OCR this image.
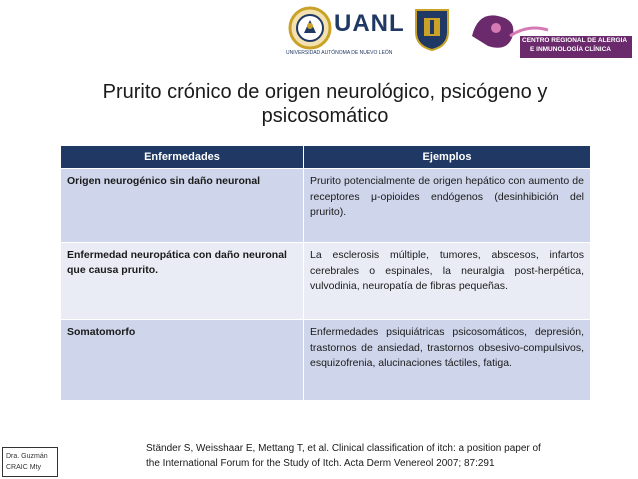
UANL
UNIVERSIDAD AUTÓNOMA DE NUEVO LEÓN
CENTRO REGIONAL DE ALERGIA
E INMUNOLOGÍA CLÍNICA
Prurito crónico de origen neurológico, psicógeno y
psicosomático
Enfermedades	Ejemplos
Origen neurogénico sin daño neuronal	Prurito potencialmente de origen hepático con aumento de receptores μ-opioides endógenos (desinhibición del prurito).
Enfermedad neuropática con daño neuronal que causa prurito.	La esclerosis múltiple, tumores, abscesos, infartos cerebrales o espinales, la neuralgia post-herpética, vulvodinia, neuropatía de fibras pequeñas.
Somatomorfo	Enfermedades psiquiátricas psicosomáticos, depresión, trastornos de ansiedad, trastornos obsesivo-compulsivos, esquizofrenia, alucinaciones táctiles, fatiga.
Dra. Guzmán
CRAIC Mty
Ständer S, Weisshaar E, Mettang T, et al. Clinical classification of itch: a position paper of
the International Forum for the Study of Itch. Acta Derm Venereol 2007; 87:291
